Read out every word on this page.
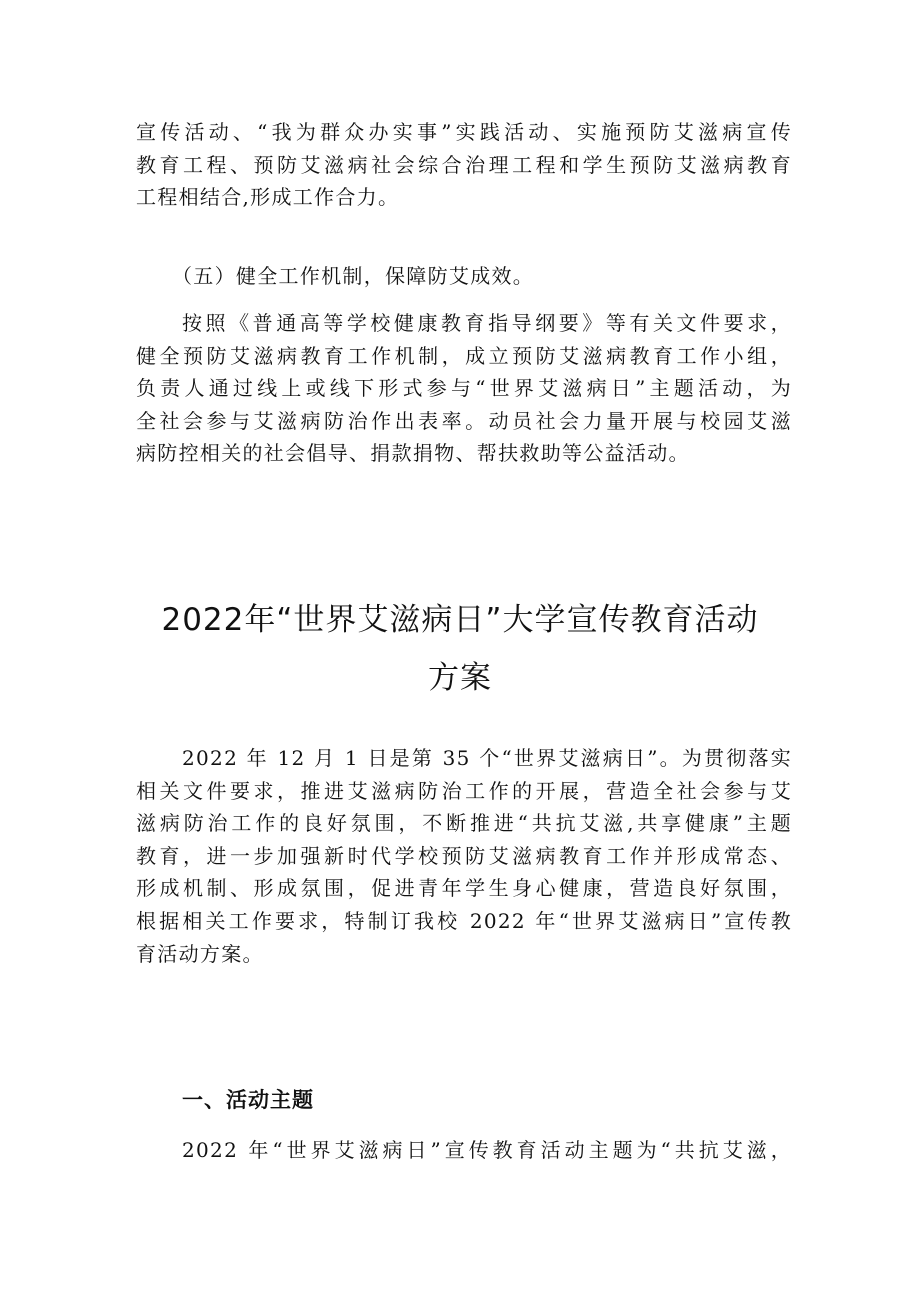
宣传活动、“我为群众办实事”实践活动、实施预防艾滋病宣传
教育工程、预防艾滋病社会综合治理工程和学生预防艾滋病教育
工程相结合,形成工作合力。
（五）健全工作机制，保障防艾成效。
按照《普通高等学校健康教育指导纲要》等有关文件要求，
健全预防艾滋病教育工作机制，成立预防艾滋病教育工作小组，
负责人通过线上或线下形式参与“世界艾滋病日”主题活动，为
全社会参与艾滋病防治作出表率。动员社会力量开展与校园艾滋
病防控相关的社会倡导、捐款捐物、帮扶救助等公益活动。
2022年“世界艾滋病日”大学宣传教育活动
方案
2022 年 12 月 1 日是第 35 个“世界艾滋病日”。为贯彻落实
相关文件要求，推进艾滋病防治工作的开展，营造全社会参与艾
滋病防治工作的良好氛围，不断推进“共抗艾滋,共享健康”主题
教育，进一步加强新时代学校预防艾滋病教育工作并形成常态、
形成机制、形成氛围，促进青年学生身心健康，营造良好氛围，
根据相关工作要求，特制订我校 2022 年“世界艾滋病日”宣传教
育活动方案。
一、活动主题
2022 年“世界艾滋病日”宣传教育活动主题为“共抗艾滋，
